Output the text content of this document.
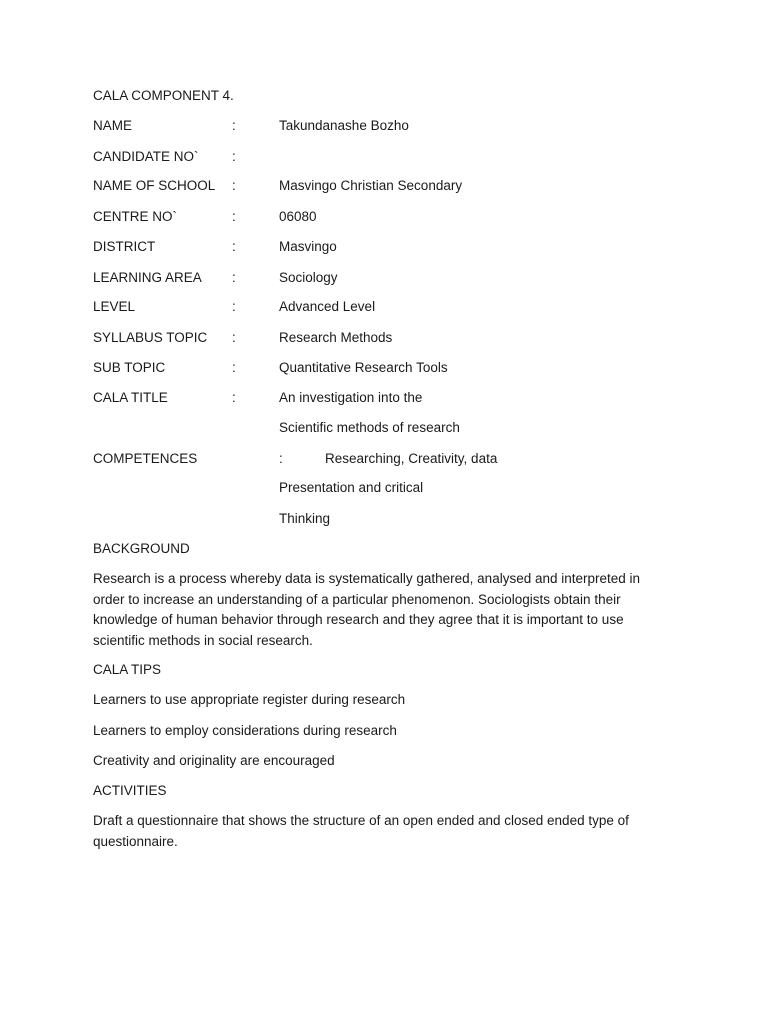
CALA COMPONENT 4.
NAME	:	Takundanashe Bozho
CANDIDATE NO` :
NAME OF SCHOOL :	Masvingo Christian Secondary
CENTRE NO`	:	06080
DISTRICT	:	Masvingo
LEARNING AREA :	Sociology
LEVEL	:	Advanced Level
SYLLABUS TOPIC :	Research Methods
SUB TOPIC	:	Quantitative Research Tools
CALA TITLE	:	An investigation into the
Scientific methods of research
COMPETENCES	:	Researching, Creativity, data
Presentation and critical
Thinking
BACKGROUND
Research is a process whereby data is systematically gathered, analysed and interpreted in order to increase an understanding of a particular phenomenon. Sociologists obtain their knowledge of human behavior through research and they agree that it is important to use scientific methods in social research.
CALA TIPS
Learners to use appropriate register during research
Learners to employ considerations during research
Creativity and originality are encouraged
ACTIVITIES
Draft a questionnaire that shows the structure of an open ended and closed ended type of questionnaire.
